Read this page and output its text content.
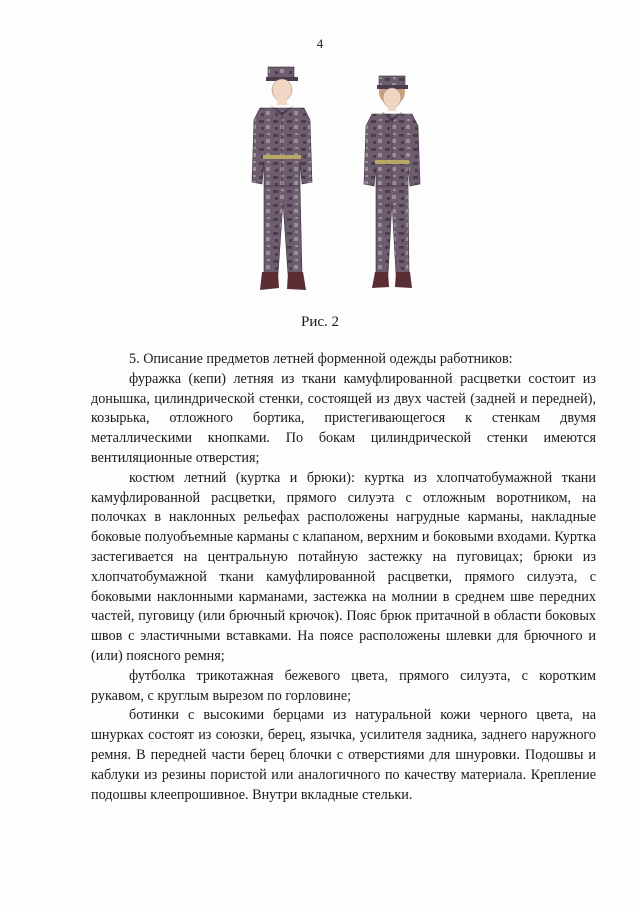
4
Рис. 2

5. Описание предметов летней форменной одежды работников:

фуражка (кепи) летняя из ткани камуфлированной расцветки состоит из донышка, цилиндрической стенки, состоящей из двух частей (задней и передней), козырька, отложного бортика, пристегивающегося к стенкам двумя металлическими кнопками. По бокам цилиндрической стенки имеются вентиляционные отверстия;

костюм летний (куртка и брюки): куртка из хлопчатобумажной ткани камуфлированной расцветки, прямого силуэта с отложным воротником, на полочках в наклонных рельефах расположены нагрудные карманы, накладные боковые полуобъемные карманы с клапаном, верхним и боковыми входами. Куртка застегивается на центральную потайную застежку на пуговицах; брюки из хлопчатобумажной ткани камуфлированной расцветки, прямого силуэта, с боковыми наклонными карманами, застежка на молнии в среднем шве передних частей, пуговицу (или брючный крючок). Пояс брюк притачной в области боковых швов с эластичными вставками. На поясе расположены шлевки для брючного и (или) поясного ремня;

футболка трикотажная бежевого цвета, прямого силуэта, с коротким рукавом, с круглым вырезом по горловине;

ботинки с высокими берцами из натуральной кожи черного цвета, на шнурках состоят из союзки, берец, язычка, усилителя задника, заднего наружного ремня. В передней части берец блочки с отверстиями для шнуровки. Подошвы и каблуки из резины пористой или аналогичного по качеству материала. Крепление подошвы клеепрошивное. Внутри вкладные стельки.
